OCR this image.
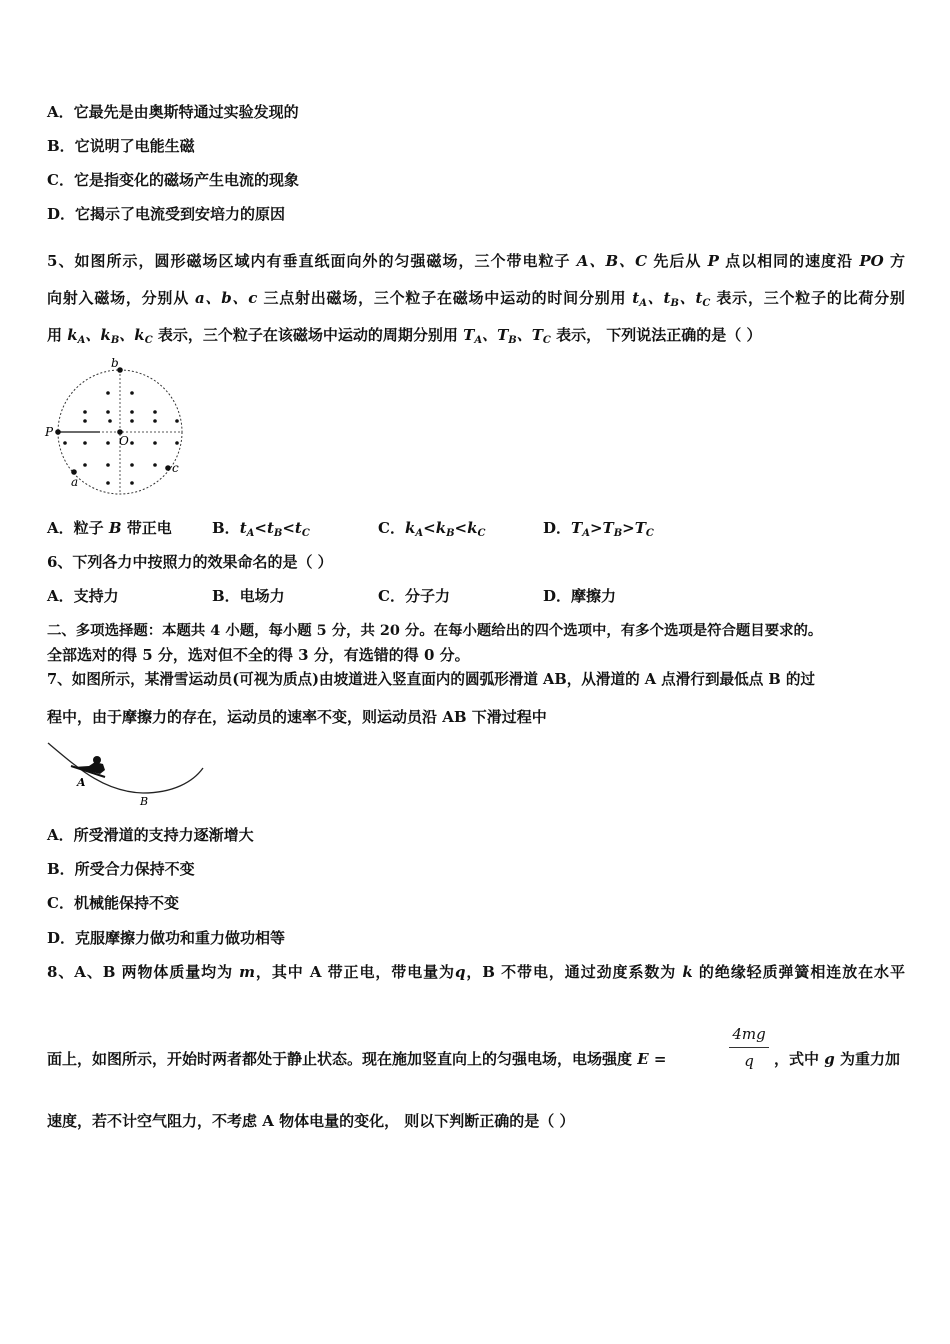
A．它最先是由奥斯特通过实验发现的
B．它说明了电能生磁
C．它是指变化的磁场产生电流的现象
D．它揭示了电流受到安培力的原因
5、如图所示，圆形磁场区域内有垂直纸面向外的匀强磁场，三个带电粒子 A、B、C 先后从 P 点以相同的速度沿 PO 方
向射入磁场，分别从 a、b、c 三点射出磁场，三个粒子在磁场中运动的时间分别用 $t_A$、$t_B$、$t_C$ 表示，三个粒子的比荷分别
用 $k_A$、$k_B$、$k_C$ 表示，三个粒子在该磁场中运动的周期分别用 $T_A$、$T_B$、$T_C$ 表示， 下列说法正确的是（ ）
b
P
O
a
c
A．粒子 B 带正电	B．$t_A<t_B<t_C$	C．$k_A<k_B<k_C$	D．$T_A>T_B>T_C$
6、下列各力中按照力的效果命名的是（ ）
A．支持力	B．电场力	C．分子力	D．摩擦力
二、多项选择题：本题共 4 小题，每小题 5 分，共 20 分。在每小题给出的四个选项中，有多个选项是符合题目要求的。
全部选对的得 5 分，选对但不全的得 3 分，有选错的得 0 分。
7、如图所示，某滑雪运动员(可视为质点)由坡道进入竖直面内的圆弧形滑道 AB，从滑道的 A 点滑行到最低点 B 的过
程中，由于摩擦力的存在，运动员的速率不变，则运动员沿 AB 下滑过程中
A
B
A．所受滑道的支持力逐渐增大
B．所受合力保持不变
C．机械能保持不变
D．克服摩擦力做功和重力做功相等
8、A、B 两物体质量均为 m，其中 A 带正电，带电量为q，B 不带电，通过劲度系数为 k 的绝缘轻质弹簧相连放在水平
面上，如图所示，开始时两者都处于静止状态。现在施加竖直向上的匀强电场，电场强度 E =
4mg
q	，式中 g 为重力加
速度，若不计空气阻力，不考虑 A 物体电量的变化， 则以下判断正确的是（ ）
